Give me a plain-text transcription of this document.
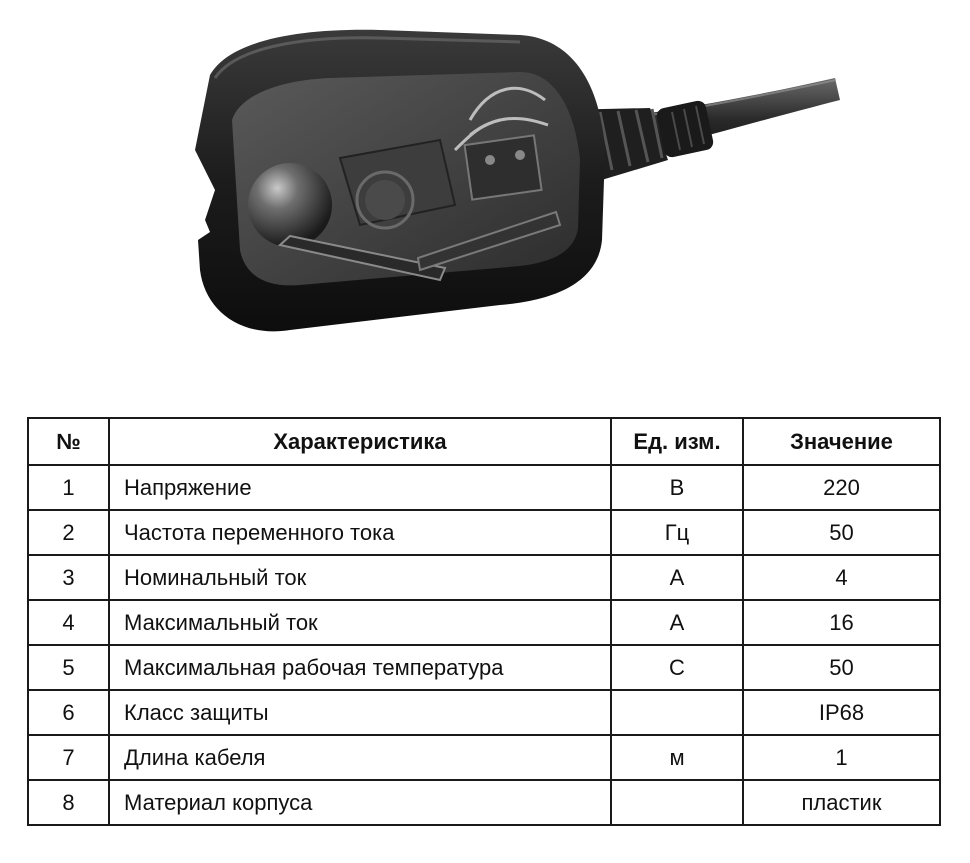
№	Характеристика	Ед. изм.	Значение
1	Напряжение	В	220
2	Частота переменного тока	Гц	50
3	Номинальный ток	А	4
4	Максимальный ток	А	16
5	Максимальная рабочая температура	С	50
6	Класс защиты		IP68
7	Длина кабеля	м	1
8	Материал корпуса		пластик
